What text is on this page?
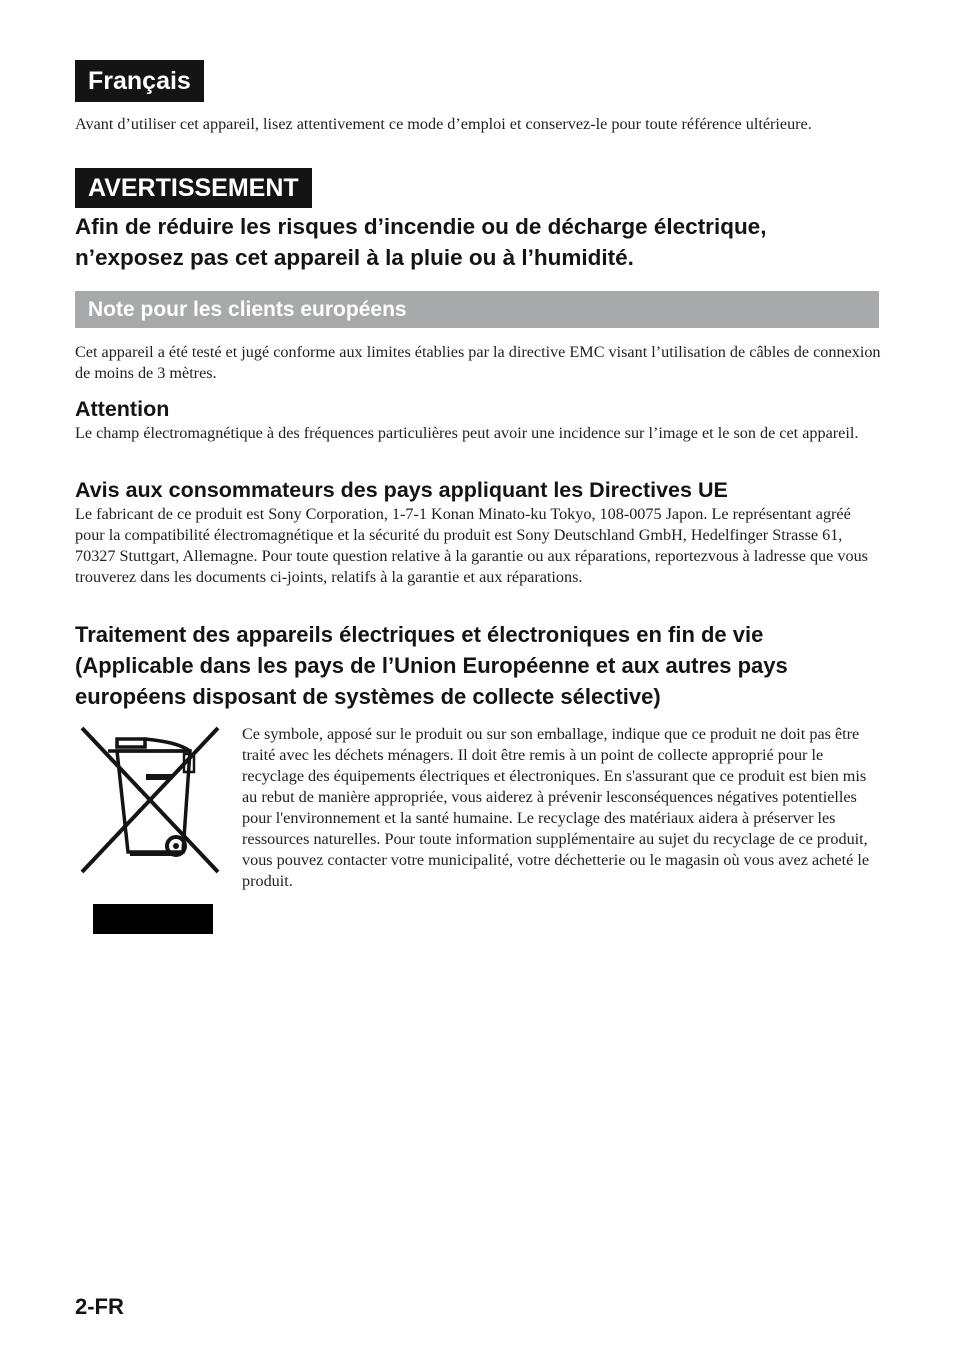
Français
Avant d’utiliser cet appareil, lisez attentivement ce mode d’emploi et conservez-le pour toute référence ultérieure.
AVERTISSEMENT
Afin de réduire les risques d’incendie ou de décharge électrique,
n’exposez pas cet appareil à la pluie ou à l’humidité.
Note pour les clients européens
Cet appareil a été testé et jugé conforme aux limites établies par la directive EMC visant l’utilisation de câbles de connexion de moins de 3 mètres.
Attention
Le champ électromagnétique à des fréquences particulières peut avoir une incidence sur l’image et le son de cet appareil.
Avis aux consommateurs des pays appliquant les Directives UE
Le fabricant de ce produit est Sony Corporation, 1-7-1 Konan Minato-ku Tokyo, 108-0075 Japon. Le représentant agréé pour la compatibilité électromagnétique et la sécurité du produit est Sony Deutschland GmbH, Hedelfinger Strasse 61, 70327 Stuttgart, Allemagne. Pour toute question relative à la garantie ou aux réparations, reportezvous à ladresse que vous trouverez dans les documents ci-joints, relatifs à la garantie et aux réparations.
Traitement des appareils électriques et électroniques en fin de vie
(Applicable dans les pays de l’Union Européenne et aux autres pays
européens disposant de systèmes de collecte sélective)
Ce symbole, apposé sur le produit ou sur son emballage, indique que ce produit ne doit pas être traité avec les déchets ménagers. Il doit être remis à un point de collecte approprié pour le recyclage des équipements électriques et électroniques. En s'assurant que ce produit est bien mis au rebut de manière appropriée, vous aiderez à prévenir lesconséquences négatives potentielles pour l'environnement et la santé humaine. Le recyclage des matériaux aidera à préserver les ressources naturelles. Pour toute information supplémentaire au sujet du recyclage de ce produit, vous pouvez contacter votre municipalité, votre déchetterie ou le magasin où vous avez acheté le produit.
2-FR
